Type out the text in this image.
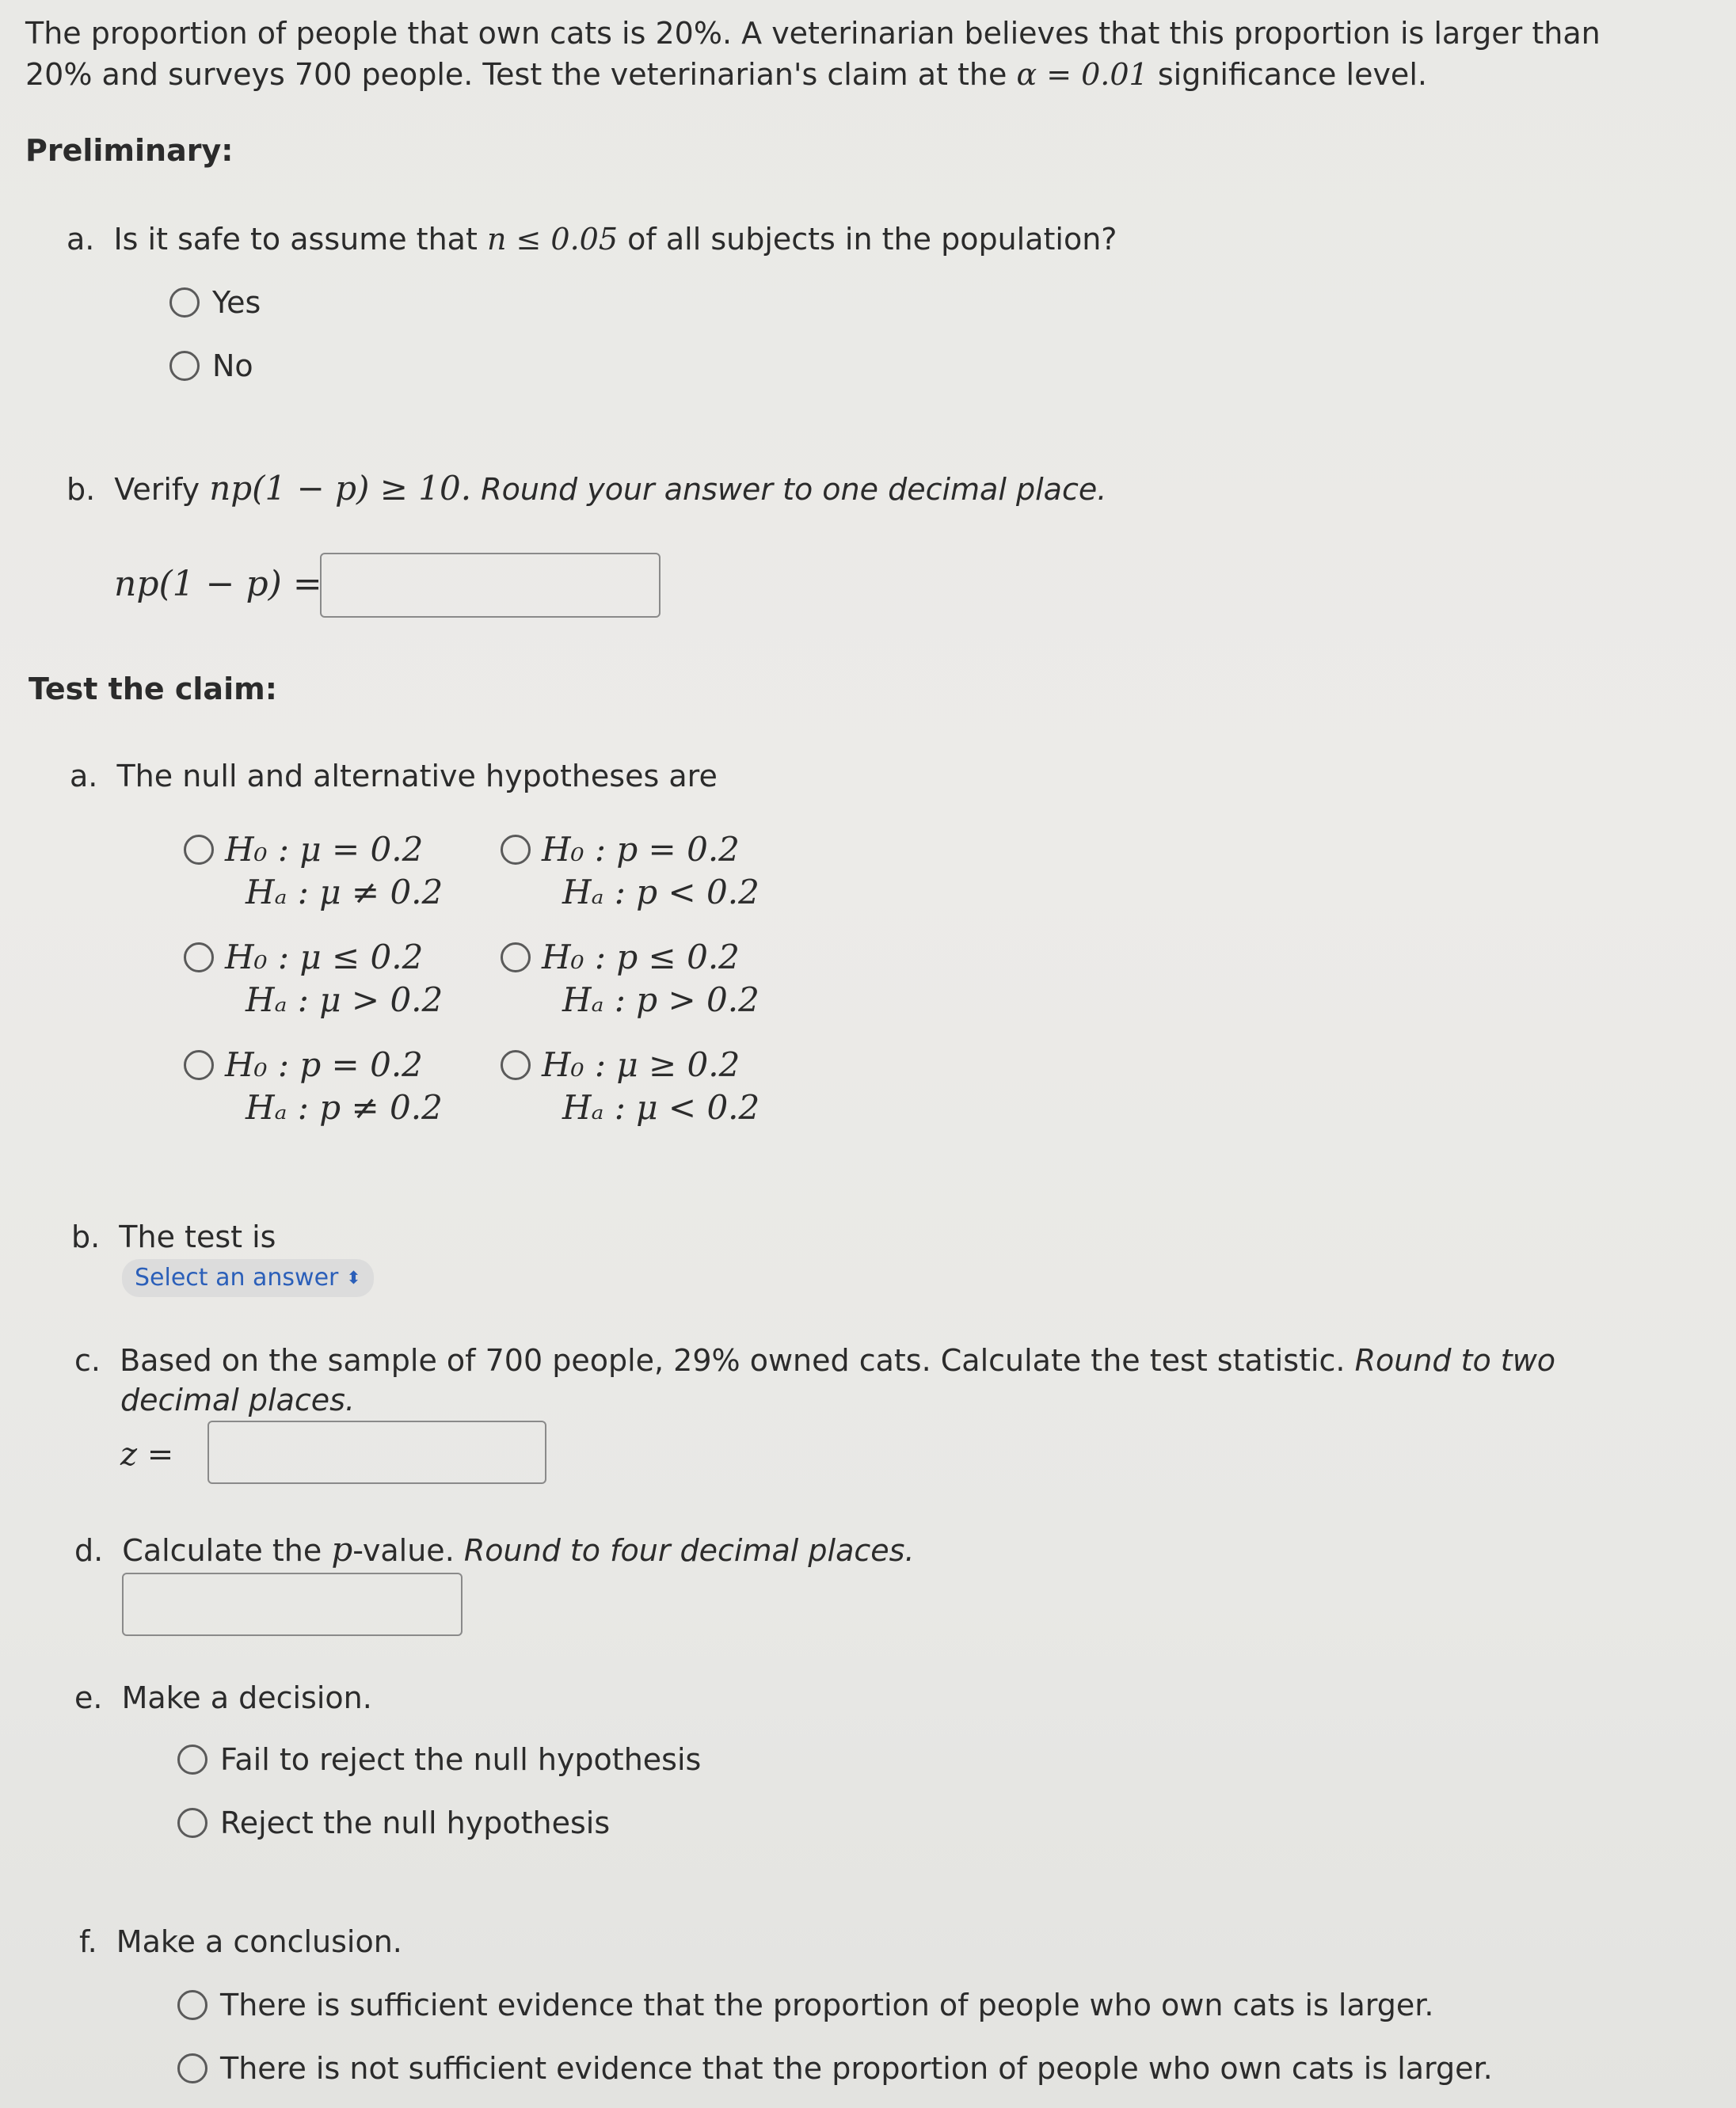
The proportion of people that own cats is 20%. A veterinarian believes that this proportion is larger than
20% and surveys 700 people. Test the veterinarian's claim at the α = 0.01 significance level.
Preliminary:
a. Is it safe to assume that n ≤ 0.05 of all subjects in the population?
Yes
No
b. Verify np(1 − p) ≥ 10. Round your answer to one decimal place.
np(1 − p) =
Test the claim:
a. The null and alternative hypotheses are
H₀ : μ = 0.2
Hₐ : μ ≠ 0.2
H₀ : p = 0.2
Hₐ : p < 0.2
H₀ : μ ≤ 0.2
Hₐ : μ > 0.2
H₀ : p ≤ 0.2
Hₐ : p > 0.2
H₀ : p = 0.2
Hₐ : p ≠ 0.2
H₀ : μ ≥ 0.2
Hₐ : μ < 0.2
b. The test is
Select an answer ⬍
c. Based on the sample of 700 people, 29% owned cats. Calculate the test statistic. Round to two
decimal places.
z =
d. Calculate the p-value. Round to four decimal places.
e. Make a decision.
Fail to reject the null hypothesis
Reject the null hypothesis
f. Make a conclusion.
There is sufficient evidence that the proportion of people who own cats is larger.
There is not sufficient evidence that the proportion of people who own cats is larger.
